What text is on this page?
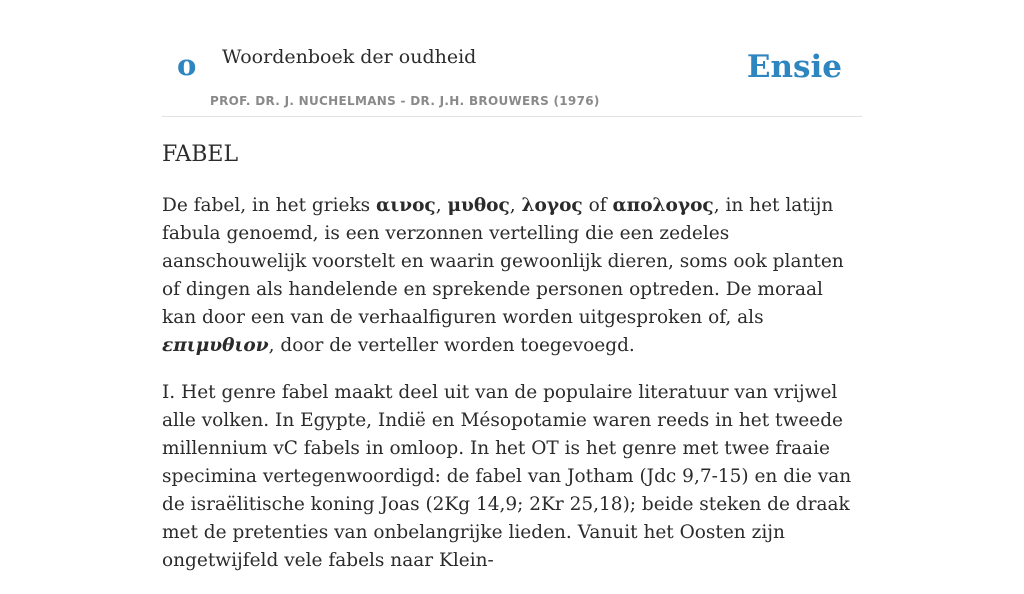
o Woordenboek der oudheid
PROF. DR. J. NUCHELMANS - DR. J.H. BROUWERS (1976)
Ensie
FABEL

De fabel, in het grieks αινος, μυθος, λογος of απολογος, in het latijn fabula genoemd, is een verzonnen vertelling die een zedeles aanschouwelijk voorstelt en waarin gewoonlijk dieren, soms ook planten of dingen als handelende en sprekende personen optreden. De moraal kan door een van de verhaalfiguren worden uitgesproken of, als επιμυθιον, door de verteller worden toegevoegd.

I. Het genre fabel maakt deel uit van de populaire literatuur van vrijwel alle volken. In Egypte, Indië en Mésopotamie waren reeds in het tweede millennium vC fabels in omloop. In het OT is het genre met twee fraaie specimina vertegenwoordigd: de fabel van Jotham (Jdc 9,7-15) en die van de israëlitische koning Joas (2Kg 14,9; 2Kr 25,18); beide steken de draak met de pretenties van onbelangrijke lieden. Vanuit het Oosten zijn ongetwijfeld vele fabels naar Klein-
